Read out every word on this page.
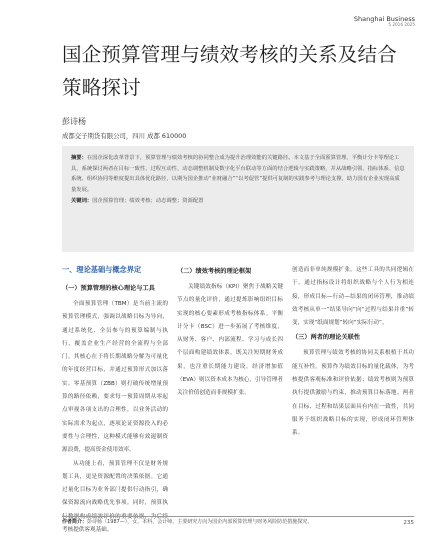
Shanghai Business
5 2016 2025
国企预算管理与绩效考核的关系及结合策略探讨
彭诗杨
成都交子期货有限公司，四川 成都 610000

摘要：在国企深化改革背景下，预算管理与绩效考核的协同整合成为提升治理效能的关键路径。本文基于全面预算管理、平衡计分卡等理论工具，系统探讨两者在目标一致性、过程互动性、动态调整机制及数字化平台联动等方面的结合逻辑与实践策略，并从战略引领、指标体系、信息系统、组织协同等维度提出具体优化路径，以期为国企推动“业财融合”“以考促管”提供可复制的实践参考与理论支撑，助力国有企业实现高质量发展。

关键词：国企预算管理；绩效考核；动态调整；资源配置

一、理论基础与概念界定
（一）预算管理的核心理论与工具

全面预算管理（TBM）是当前主流的预算管理模式，强调以战略目标为导向，通过系统化、全员参与的预算编制与执行，覆盖企业生产经营的全流程与全部门。其核心在于将长期战略分解为可量化的年度经营目标，并通过预算形式加以落实。零基预算（ZBB）则打破传统增量预算的路径依赖，要求每一预算周期从零起点审视各项支出的合理性，以业务活动的实际需求为起点，逐项论证资源投入的必要性与合理性，这种模式能够有效遏制资源浪费，提高资金使用效率。

从功能上看，预算管理不仅是财务规划工具，更是资源配置的决策依据。它通过量化目标为业务部门提供行动指引，确保资源流向战略优先事项。同时，预算执行数据构成绩效评价的重要依据，为后续考核提供客观基础。

（二）绩效考核的理论框架

关键绩效指标（KPI）聚焦于战略关键节点的量化评价，通过提炼影响组织目标实现的核心要素形成考核指标体系。平衡计分卡（BSC）进一步拓展了考核维度，从财务、客户、内部流程、学习与成长四个层面构建绩效体系，既关注短期财务成果，也注重长期能力建设。经济增加值（EVA）则以资本成本为核心，引导管理者关注价值创造而非规模扩张。

创造而非单纯规模扩张。这些工具的共同逻辑在于，通过指标设计将组织战略与个人行为相连接，形成目标—行动—结果的闭环管理，推动绩效考核从单一“结果导向”向“过程与结果并重”转变，实现“纸面规划”转向“实际行动”。

（三）两者的理论关联性

预算管理与绩效考核的协同关系根植于其功能互补性。预算作为绩效目标的量化载体，为考核提供客观标准和评价依据；绩效考核则为预算执行提供激励与约束，推动预算目标落地。两者在目标、过程和结果层面具有内在一致性，共同服务于组织战略目标的实现，形成闭环管理体系。

作者简介：彭诗杨（1987—），女，本科，会计师，主要研究方向为国企内部预算管理与财务风险防范措施探究。	235
